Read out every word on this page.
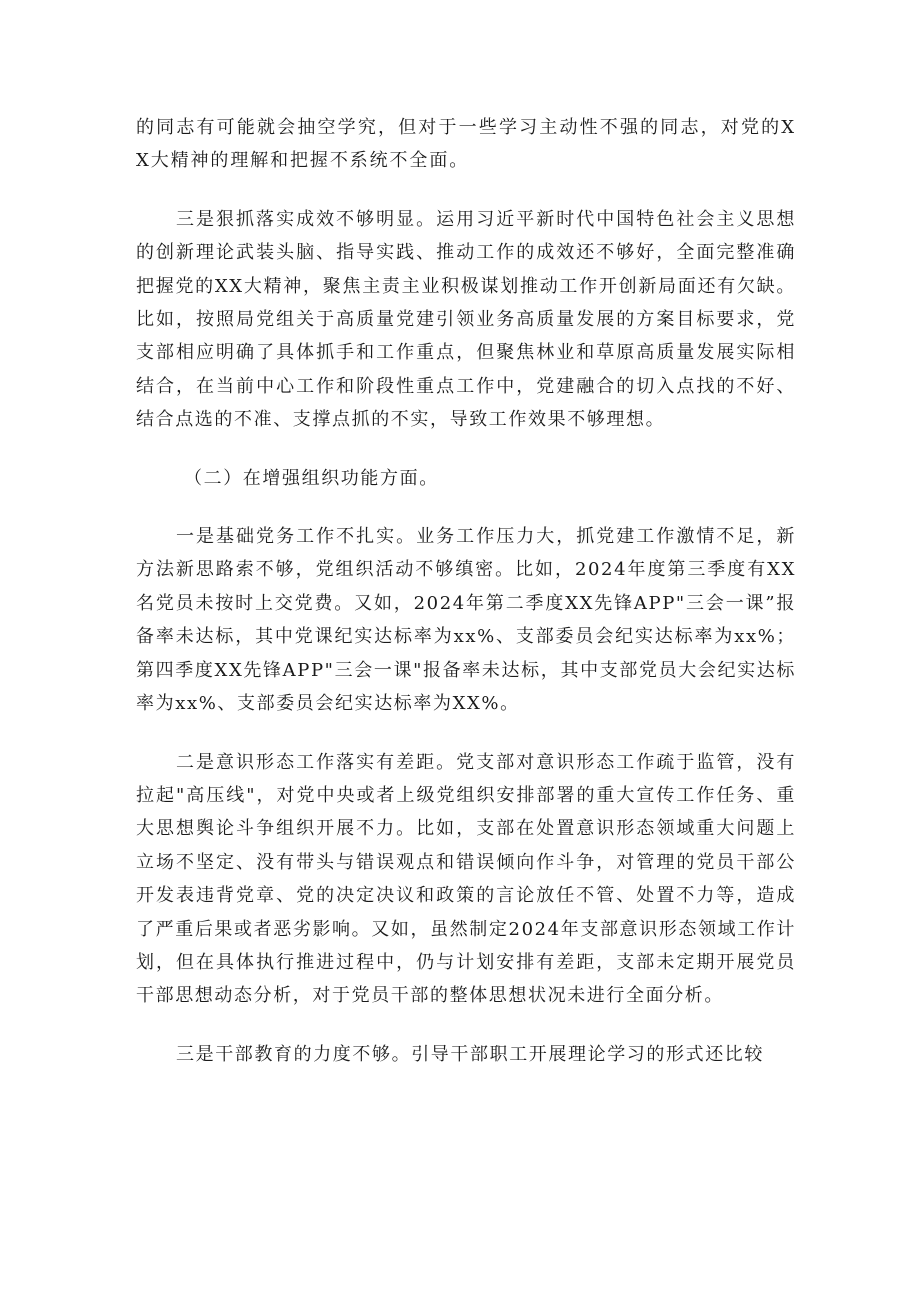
的同志有可能就会抽空学究，但对于一些学习主动性不强的同志，对党的XX大精神的理解和把握不系统不全面。

三是狠抓落实成效不够明显。运用习近平新时代中国特色社会主义思想的创新理论武装头脑、指导实践、推动工作的成效还不够好，全面完整准确把握党的XX大精神，聚焦主责主业积极谋划推动工作开创新局面还有欠缺。比如，按照局党组关于高质量党建引领业务高质量发展的方案目标要求，党支部相应明确了具体抓手和工作重点，但聚焦林业和草原高质量发展实际相结合，在当前中心工作和阶段性重点工作中，党建融合的切入点找的不好、结合点选的不准、支撑点抓的不实，导致工作效果不够理想。

（二）在增强组织功能方面。

一是基础党务工作不扎实。业务工作压力大，抓党建工作激情不足，新方法新思路索不够，党组织活动不够缜密。比如，2024年度第三季度有XX名党员未按时上交党费。又如，2024年第二季度XX先锋APP"三会一课”报备率未达标，其中党课纪实达标率为xx%、支部委员会纪实达标率为xx%；第四季度XX先锋APP"三会一课"报备率未达标，其中支部党员大会纪实达标率为xx%、支部委员会纪实达标率为XX%。

二是意识形态工作落实有差距。党支部对意识形态工作疏于监管，没有拉起"高压线"，对党中央或者上级党组织安排部署的重大宣传工作任务、重大思想舆论斗争组织开展不力。比如，支部在处置意识形态领域重大问题上立场不坚定、没有带头与错误观点和错误倾向作斗争，对管理的党员干部公开发表违背党章、党的决定决议和政策的言论放任不管、处置不力等，造成了严重后果或者恶劣影响。又如，虽然制定2024年支部意识形态领域工作计划，但在具体执行推进过程中，仍与计划安排有差距，支部未定期开展党员干部思想动态分析，对于党员干部的整体思想状况未进行全面分析。

三是干部教育的力度不够。引导干部职工开展理论学习的形式还比较
